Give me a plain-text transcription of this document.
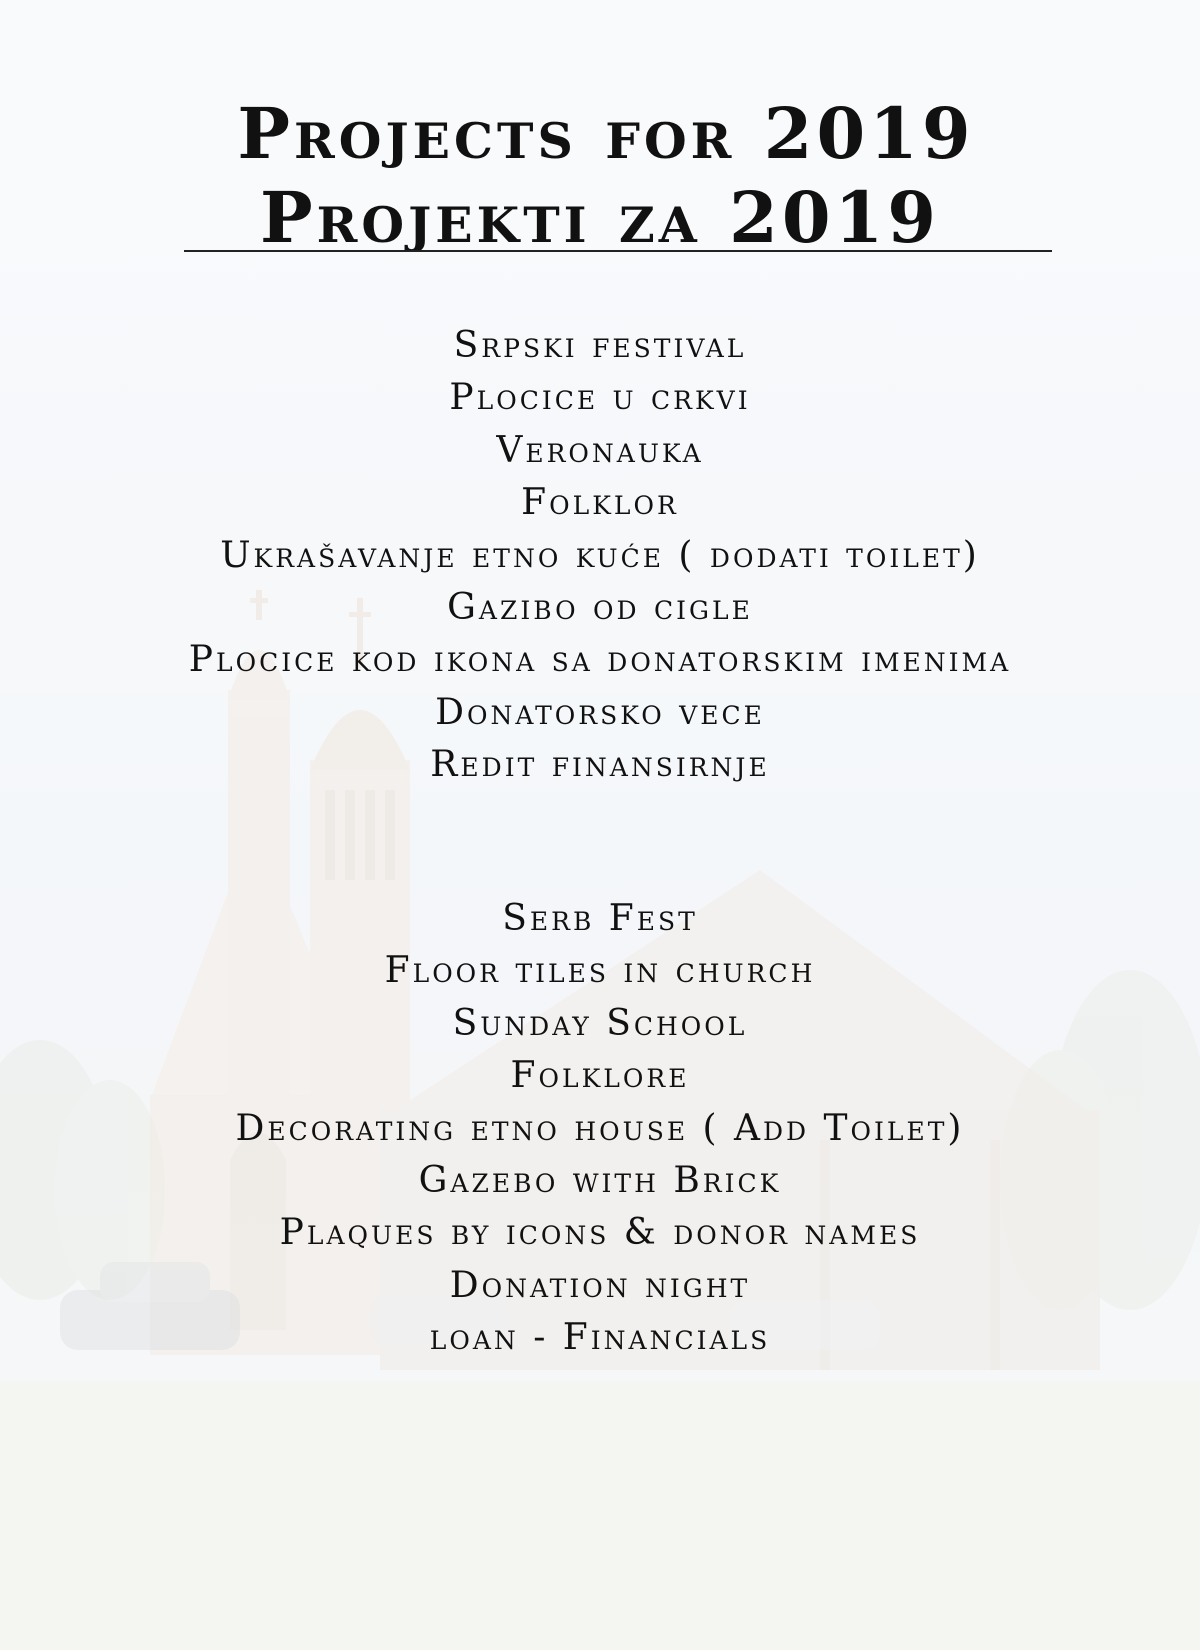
Projects for 2019
Projekti za 2019
Srpski festival
Plocice u crkvi
Veronauka
Folklor
Ukrašavanje etno kuće ( dodati toilet)
Gazibo od cigle
Plocice kod ikona sa donatorskim imenima
Donatorsko vece
Redit finansirnje
Serb Fest
Floor tiles in church
Sunday School
Folklore
Decorating etno house ( Add Toilet)
Gazebo with Brick
Plaques by icons & donor names
Donation night
loan - Financials
